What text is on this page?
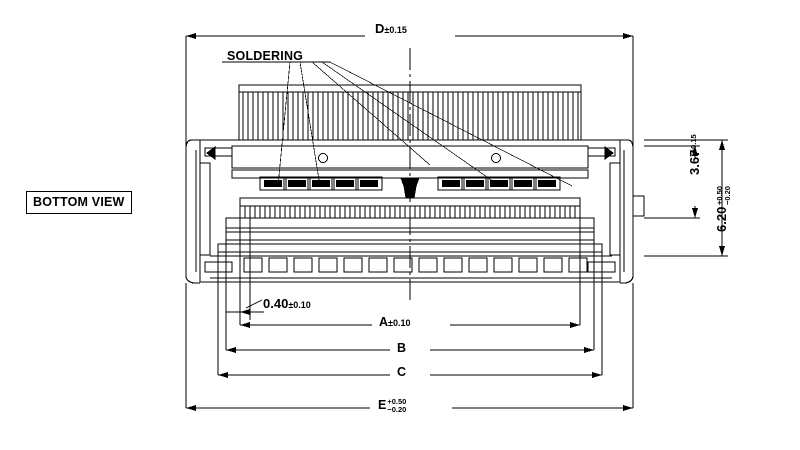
BOTTOM VIEW
SOLDERING
D±0.15
A±0.10
B
C
E+0.50
−0.20
0.40±0.10
3.67
±0.15
6.20
+0.50
−0.20
